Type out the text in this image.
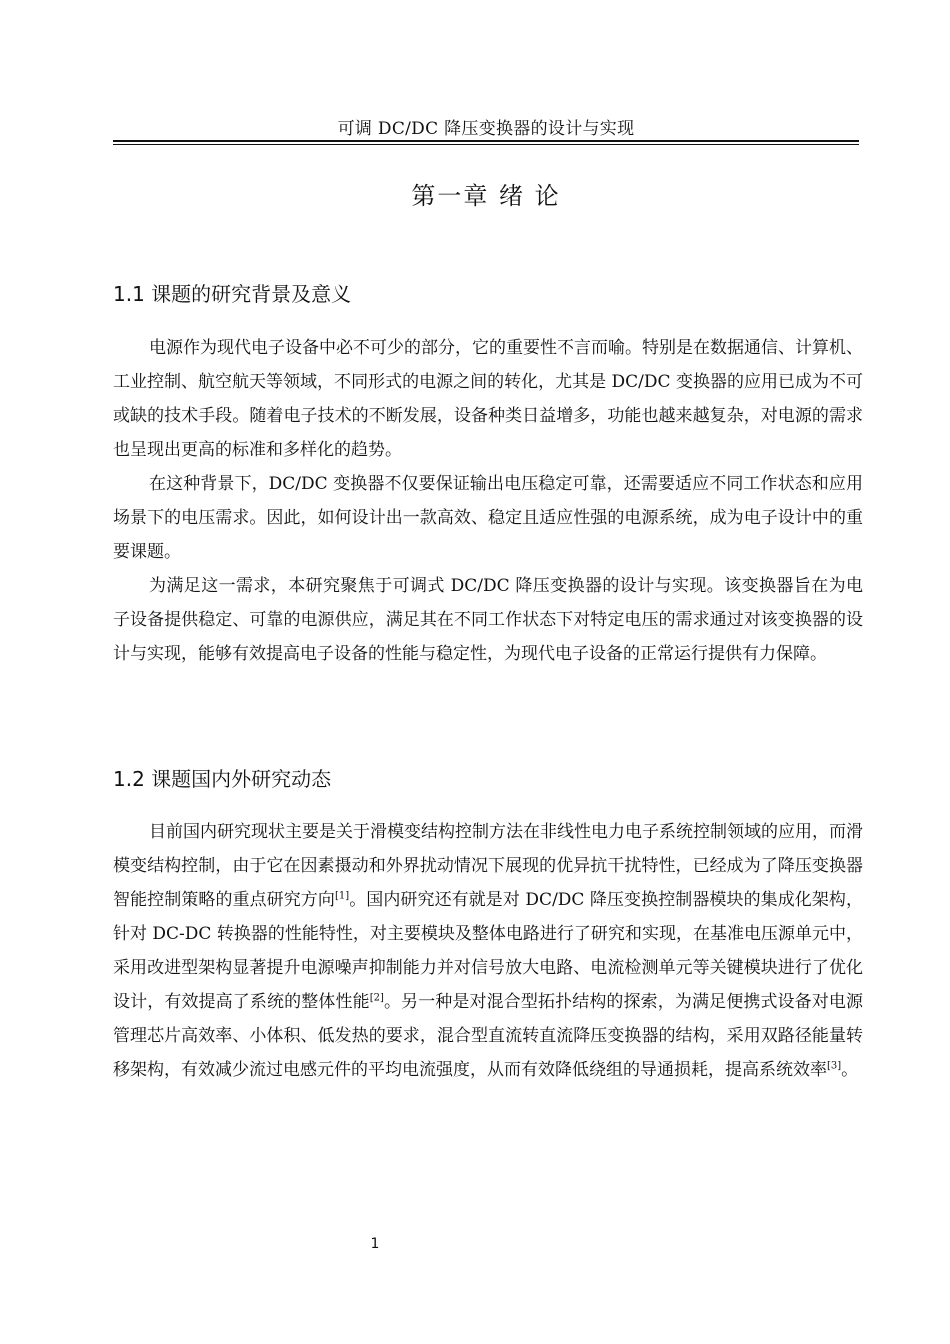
可调 DC/DC 降压变换器的设计与实现
第一章 绪 论
1.1 课题的研究背景及意义

电源作为现代电子设备中必不可少的部分，它的重要性不言而喻。特别是在数据通信、计算机、工业控制、航空航天等领域，不同形式的电源之间的转化，尤其是 DC/DC 变换器的应用已成为不可或缺的技术手段。随着电子技术的不断发展，设备种类日益增多，功能也越来越复杂，对电源的需求也呈现出更高的标准和多样化的趋势。

在这种背景下，DC/DC 变换器不仅要保证输出电压稳定可靠，还需要适应不同工作状态和应用场景下的电压需求。因此，如何设计出一款高效、稳定且适应性强的电源系统，成为电子设计中的重要课题。

为满足这一需求，本研究聚焦于可调式 DC/DC 降压变换器的设计与实现。该变换器旨在为电子设备提供稳定、可靠的电源供应，满足其在不同工作状态下对特定电压的需求通过对该变换器的设计与实现，能够有效提高电子设备的性能与稳定性，为现代电子设备的正常运行提供有力保障。

1.2 课题国内外研究动态

目前国内研究现状主要是关于滑模变结构控制方法在非线性电力电子系统控制领域的应用，而滑模变结构控制，由于它在因素摄动和外界扰动情况下展现的优异抗干扰特性，已经成为了降压变换器智能控制策略的重点研究方向[1]。国内研究还有就是对 DC/DC 降压变换控制器模块的集成化架构，针对 DC-DC 转换器的性能特性，对主要模块及整体电路进行了研究和实现，在基准电压源单元中，采用改进型架构显著提升电源噪声抑制能力并对信号放大电路、电流检测单元等关键模块进行了优化设计，有效提高了系统的整体性能[2]。另一种是对混合型拓扑结构的探索，为满足便携式设备对电源管理芯片高效率、小体积、低发热的要求，混合型直流转直流降压变换器的结构，采用双路径能量转移架构，有效减少流过电感元件的平均电流强度，从而有效降低绕组的导通损耗，提高系统效率[3]。

1
